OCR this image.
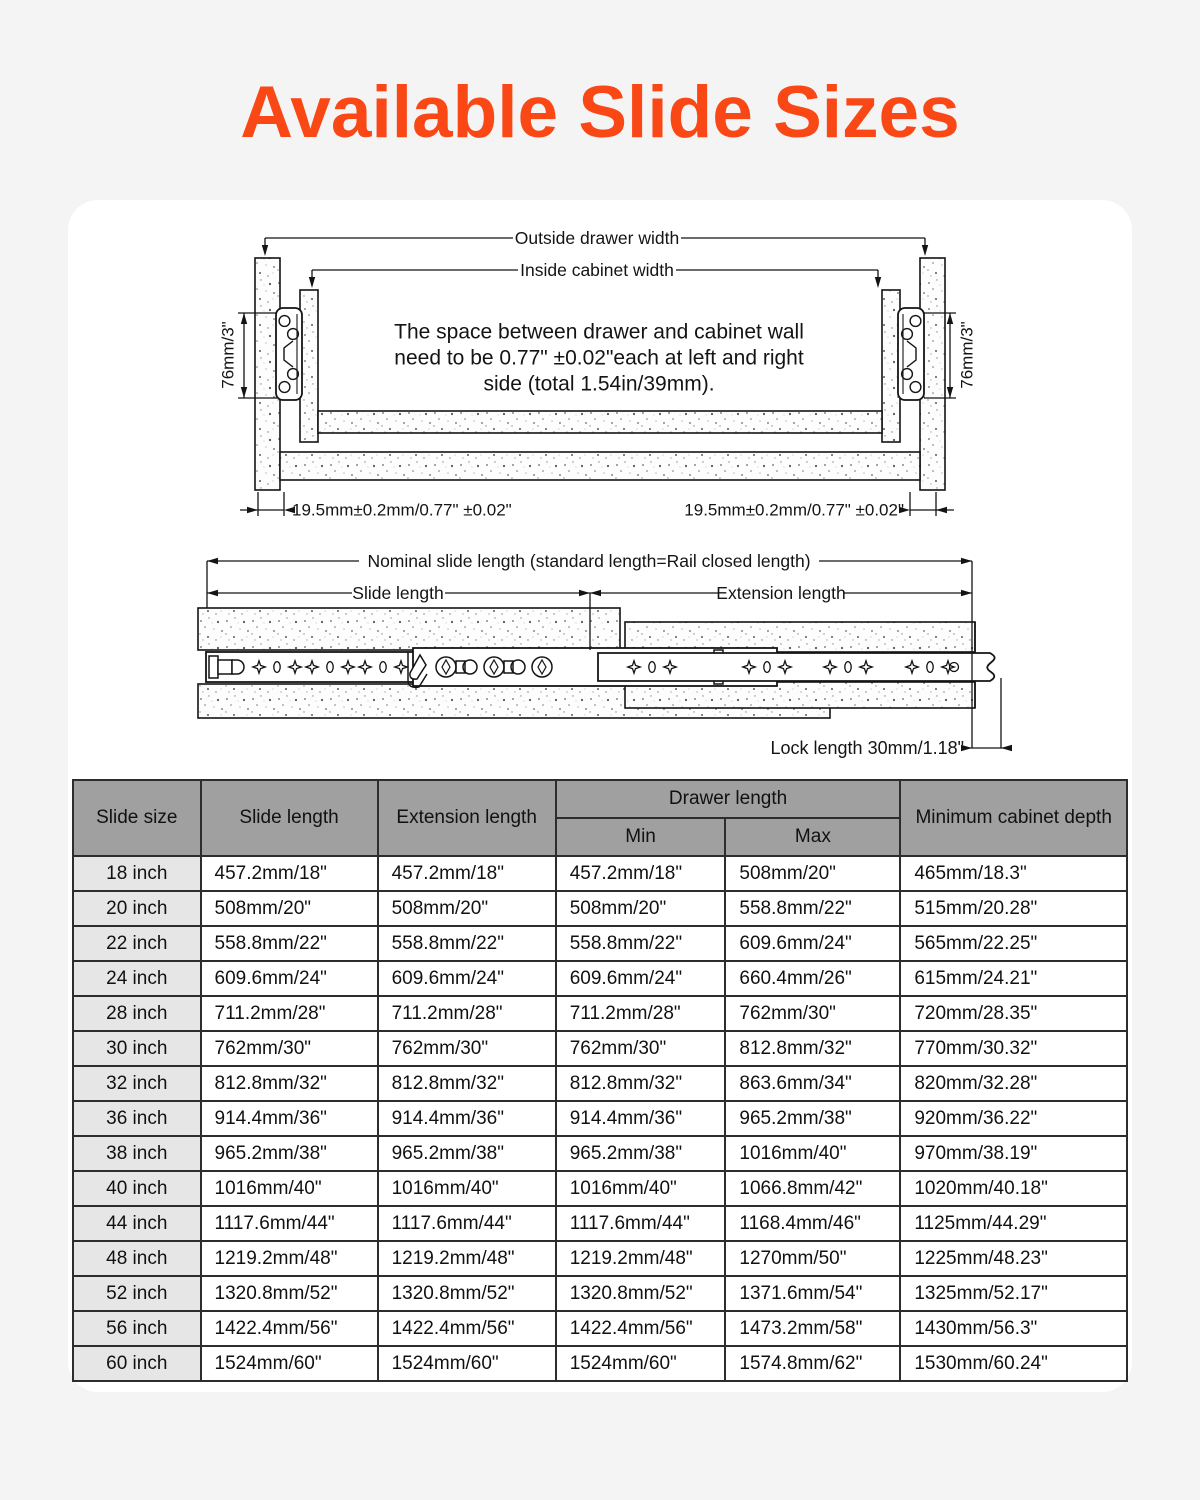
Available Slide Sizes
Outside drawer width
Inside cabinet width
The space between drawer and cabinet wall
need to be 0.77" ±0.02"each at left and right
side (total 1.54in/39mm).
76mm/3"	76mm/3"
19.5mm±0.2mm/0.77" ±0.02"	19.5mm±0.2mm/0.77" ±0.02"
Nominal slide length (standard length=Rail closed length)
Slide length	Extension length
Lock length 30mm/1.18"
Slide size	Slide length	Extension length	Drawer length		Minimum cabinet depth
			Min	Max	
18 inch	457.2mm/18"	457.2mm/18"	457.2mm/18"	508mm/20"	465mm/18.3"
20 inch	508mm/20"	508mm/20"	508mm/20"	558.8mm/22"	515mm/20.28"
22 inch	558.8mm/22"	558.8mm/22"	558.8mm/22"	609.6mm/24"	565mm/22.25"
24 inch	609.6mm/24"	609.6mm/24"	609.6mm/24"	660.4mm/26"	615mm/24.21"
28 inch	711.2mm/28"	711.2mm/28"	711.2mm/28"	762mm/30"	720mm/28.35"
30 inch	762mm/30"	762mm/30"	762mm/30"	812.8mm/32"	770mm/30.32"
32 inch	812.8mm/32"	812.8mm/32"	812.8mm/32"	863.6mm/34"	820mm/32.28"
36 inch	914.4mm/36"	914.4mm/36"	914.4mm/36"	965.2mm/38"	920mm/36.22"
38 inch	965.2mm/38"	965.2mm/38"	965.2mm/38"	1016mm/40"	970mm/38.19"
40 inch	1016mm/40"	1016mm/40"	1016mm/40"	1066.8mm/42"	1020mm/40.18"
44 inch	1117.6mm/44"	1117.6mm/44"	1117.6mm/44"	1168.4mm/46"	1125mm/44.29"
48 inch	1219.2mm/48"	1219.2mm/48"	1219.2mm/48"	1270mm/50"	1225mm/48.23"
52 inch	1320.8mm/52"	1320.8mm/52"	1320.8mm/52"	1371.6mm/54"	1325mm/52.17"
56 inch	1422.4mm/56"	1422.4mm/56"	1422.4mm/56"	1473.2mm/58"	1430mm/56.3"
60 inch	1524mm/60"	1524mm/60"	1524mm/60"	1574.8mm/62"	1530mm/60.24"
